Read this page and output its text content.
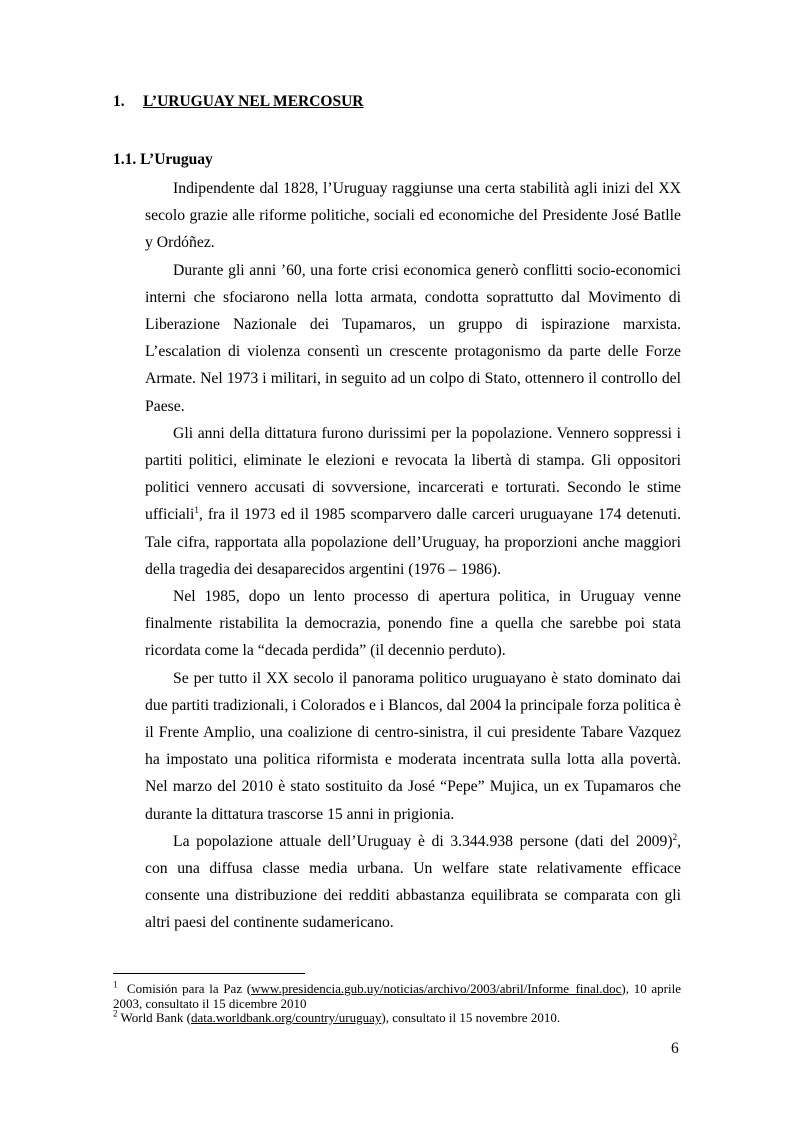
1. L’URUGUAY NEL MERCOSUR
1.1. L’Uruguay

Indipendente dal 1828, l’Uruguay raggiunse una certa stabilità agli inizi del XX secolo grazie alle riforme politiche, sociali ed economiche del Presidente José Batlle y Ordóñez.

Durante gli anni ’60, una forte crisi economica generò conflitti socio-economici interni che sfociarono nella lotta armata, condotta soprattutto dal Movimento di Liberazione Nazionale dei Tupamaros, un gruppo di ispirazione marxista. L’escalation di violenza consentì un crescente protagonismo da parte delle Forze Armate. Nel 1973 i militari, in seguito ad un colpo di Stato, ottennero il controllo del Paese.

Gli anni della dittatura furono durissimi per la popolazione. Vennero soppressi i partiti politici, eliminate le elezioni e revocata la libertà di stampa. Gli oppositori politici vennero accusati di sovversione, incarcerati e torturati. Secondo le stime ufficiali$^1$, fra il 1973 ed il 1985 scomparvero dalle carceri uruguayane 174 detenuti. Tale cifra, rapportata alla popolazione dell’Uruguay, ha proporzioni anche maggiori della tragedia dei desaparecidos argentini (1976 – 1986).

Nel 1985, dopo un lento processo di apertura politica, in Uruguay venne finalmente ristabilita la democrazia, ponendo fine a quella che sarebbe poi stata ricordata come la “decada perdida” (il decennio perduto).

Se per tutto il XX secolo il panorama politico uruguayano è stato dominato dai due partiti tradizionali, i Colorados e i Blancos, dal 2004 la principale forza politica è il Frente Amplio, una coalizione di centro-sinistra, il cui presidente Tabare Vazquez ha impostato una politica riformista e moderata incentrata sulla lotta alla povertà. Nel marzo del 2010 è stato sostituito da José “Pepe” Mujica, un ex Tupamaros che durante la dittatura trascorse 15 anni in prigionia.

La popolazione attuale dell’Uruguay è di 3.344.938 persone (dati del 2009)$^2$, con una diffusa classe media urbana. Un welfare state relativamente efficace consente una distribuzione dei redditi abbastanza equilibrata se comparata con gli altri paesi del continente sudamericano.

$^1$ Comisión para la Paz (www.presidencia.gub.uy/noticias/archivo/2003/abril/Informe_final.doc), 10 aprile 2003, consultato il 15 dicembre 2010

$^2$ World Bank (data.worldbank.org/country/uruguay), consultato il 15 novembre 2010.

6
